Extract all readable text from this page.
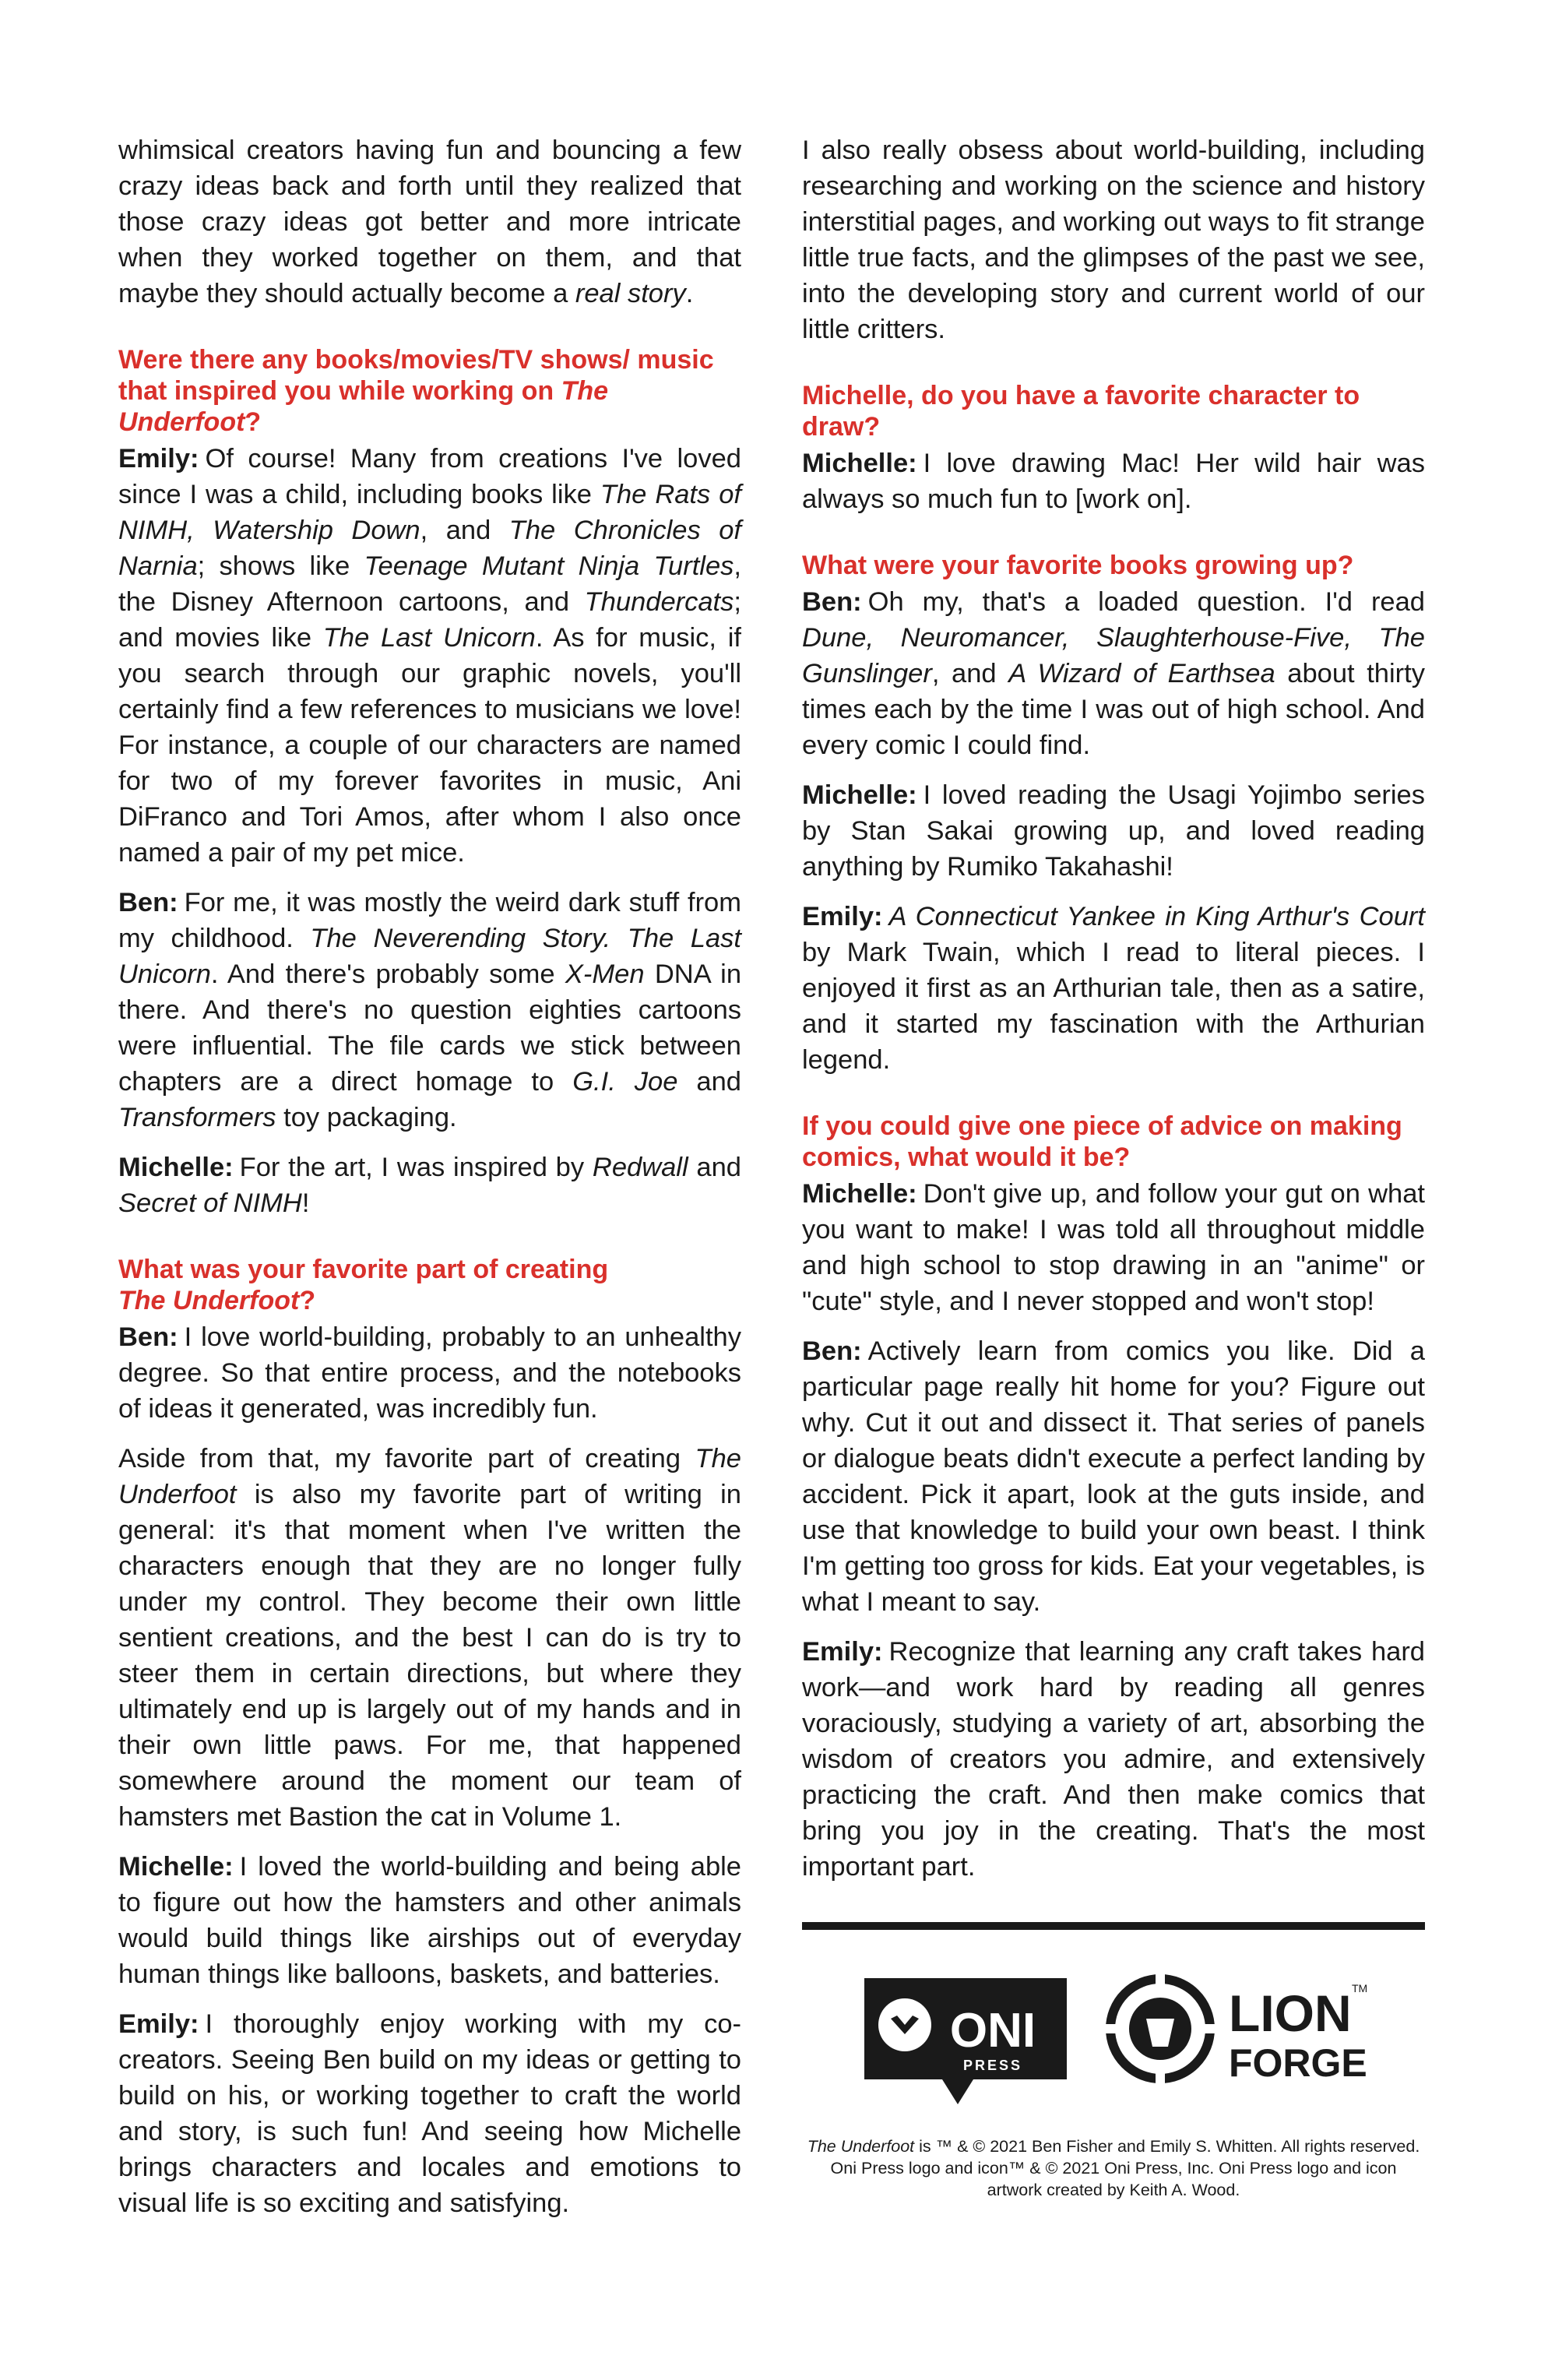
whimsical creators having fun and bouncing a few crazy ideas back and forth until they realized that those crazy ideas got better and more intricate when they worked together on them, and that maybe they should actually become a real story.

Were there any books/movies/TV shows/ music that inspired you while working on The Underfoot?

Emily: Of course! Many from creations I've loved since I was a child, including books like The Rats of NIMH, Watership Down, and The Chronicles of Narnia; shows like Teenage Mutant Ninja Turtles, the Disney Afternoon cartoons, and Thundercats; and movies like The Last Unicorn. As for music, if you search through our graphic novels, you'll certainly find a few references to musicians we love! For instance, a couple of our characters are named for two of my forever favorites in music, Ani DiFranco and Tori Amos, after whom I also once named a pair of my pet mice.

Ben: For me, it was mostly the weird dark stuff from my childhood. The Neverending Story. The Last Unicorn. And there's probably some X-Men DNA in there. And there's no question eighties cartoons were influential. The file cards we stick between chapters are a direct homage to G.I. Joe and Transformers toy packaging.

Michelle: For the art, I was inspired by Redwall and Secret of NIMH!

What was your favorite part of creating
The Underfoot?

Ben: I love world-building, probably to an unhealthy degree. So that entire process, and the notebooks of ideas it generated, was incredibly fun.

Aside from that, my favorite part of creating The Underfoot is also my favorite part of writing in general: it's that moment when I've written the characters enough that they are no longer fully under my control. They become their own little sentient creations, and the best I can do is try to steer them in certain directions, but where they ultimately end up is largely out of my hands and in their own little paws. For me, that happened somewhere around the moment our team of hamsters met Bastion the cat in Volume 1.

Michelle: I loved the world-building and being able to figure out how the hamsters and other animals would build things like airships out of everyday human things like balloons, baskets, and batteries.

Emily: I thoroughly enjoy working with my co-creators. Seeing Ben build on my ideas or getting to build on his, or working together to craft the world and story, is such fun! And seeing how Michelle brings characters and locales and emotions to visual life is so exciting and satisfying.

I also really obsess about world-building, including researching and working on the science and history interstitial pages, and working out ways to fit strange little true facts, and the glimpses of the past we see, into the developing story and current world of our little critters.

Michelle, do you have a favorite character to draw?

Michelle: I love drawing Mac! Her wild hair was always so much fun to [work on].

What were your favorite books growing up?

Ben: Oh my, that's a loaded question. I'd read Dune, Neuromancer, Slaughterhouse-Five, The Gunslinger, and A Wizard of Earthsea about thirty times each by the time I was out of high school. And every comic I could find.

Michelle: I loved reading the Usagi Yojimbo series by Stan Sakai growing up, and loved reading anything by Rumiko Takahashi!

Emily: A Connecticut Yankee in King Arthur's Court by Mark Twain, which I read to literal pieces. I enjoyed it first as an Arthurian tale, then as a satire, and it started my fascination with the Arthurian legend.

If you could give one piece of advice on making comics, what would it be?

Michelle: Don't give up, and follow your gut on what you want to make! I was told all throughout middle and high school to stop drawing in an "anime" or "cute" style, and I never stopped and won't stop!

Ben: Actively learn from comics you like. Did a particular page really hit home for you? Figure out why. Cut it out and dissect it. That series of panels or dialogue beats didn't execute a perfect landing by accident. Pick it apart, look at the guts inside, and use that knowledge to build your own beast. I think I'm getting too gross for kids. Eat your vegetables, is what I meant to say.

Emily: Recognize that learning any craft takes hard work—and work hard by reading all genres voraciously, studying a variety of art, absorbing the wisdom of creators you admire, and extensively practicing the craft. And then make comics that bring you joy in the creating. That's the most important part.

ONI
PRESS
LION
FORGE
TM
The Underfoot is ™ & © 2021 Ben Fisher and Emily S. Whitten. All rights reserved. Oni Press logo and icon™ & © 2021 Oni Press, Inc. Oni Press logo and icon artwork created by Keith A. Wood.
